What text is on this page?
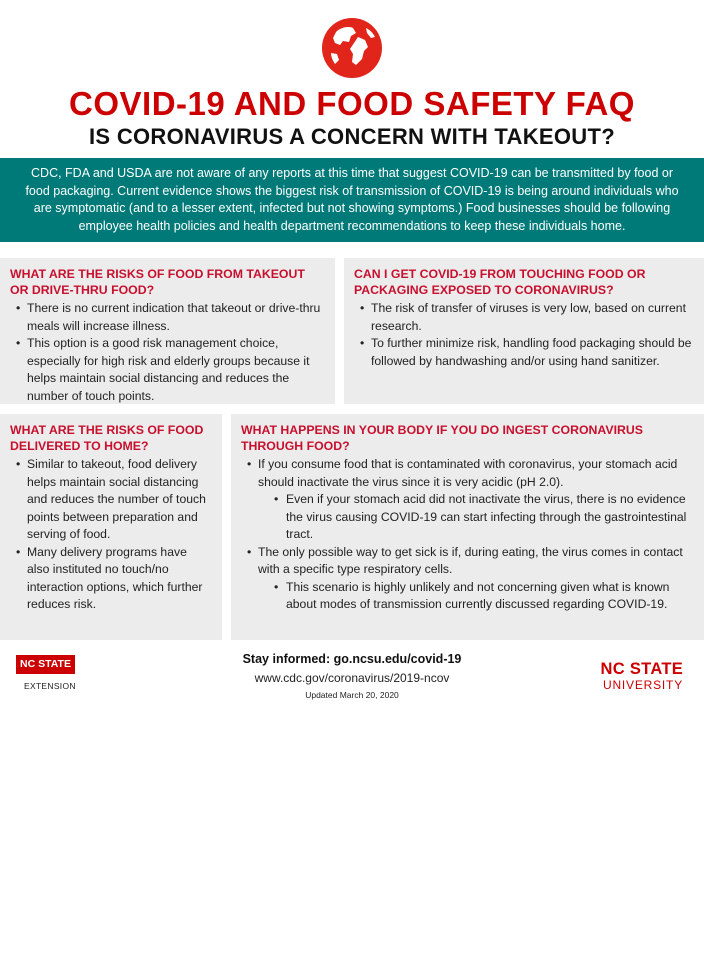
COVID-19 AND FOOD SAFETY FAQ
IS CORONAVIRUS A CONCERN WITH TAKEOUT?

CDC, FDA and USDA are not aware of any reports at this time that suggest COVID-19 can be transmitted by food or food packaging. Current evidence shows the biggest risk of transmission of COVID-19 is being around individuals who are symptomatic (and to a lesser extent, infected but not showing symptoms.) Food businesses should be following employee health policies and health department recommendations to keep these individuals home.

WHAT ARE THE RISKS OF FOOD FROM TAKEOUT OR DRIVE-THRU FOOD?
• There is no current indication that takeout or drive-thru meals will increase illness.
• This option is a good risk management choice, especially for high risk and elderly groups because it helps maintain social distancing and reduces the number of touch points.
CAN I GET COVID-19 FROM TOUCHING FOOD OR PACKAGING EXPOSED TO CORONAVIRUS?
• The risk of transfer of viruses is very low, based on current research.
• To further minimize risk, handling food packaging should be followed by handwashing and/or using hand sanitizer.
WHAT ARE THE RISKS OF FOOD DELIVERED TO HOME?
• Similar to takeout, food delivery helps maintain social distancing and reduces the number of touch points between preparation and serving of food.
• Many delivery programs have also instituted no touch/no interaction options, which further reduces risk.
WHAT HAPPENS IN YOUR BODY IF YOU DO INGEST CORONAVIRUS THROUGH FOOD?
• If you consume food that is contaminated with coronavirus, your stomach acid should inactivate the virus since it is very acidic (pH 2.0).
• Even if your stomach acid did not inactivate the virus, there is no evidence the virus causing COVID-19 can start infecting through the gastrointestinal tract.
• The only possible way to get sick is if, during eating, the virus comes in contact with a specific type respiratory cells.
• This scenario is highly unlikely and not concerning given what is known about modes of transmission currently discussed regarding COVID-19.
NC STATE
EXTENSION
Stay informed: go.ncsu.edu/covid-19
www.cdc.gov/coronavirus/2019-ncov
Updated March 20, 2020
NC STATE
UNIVERSITY
